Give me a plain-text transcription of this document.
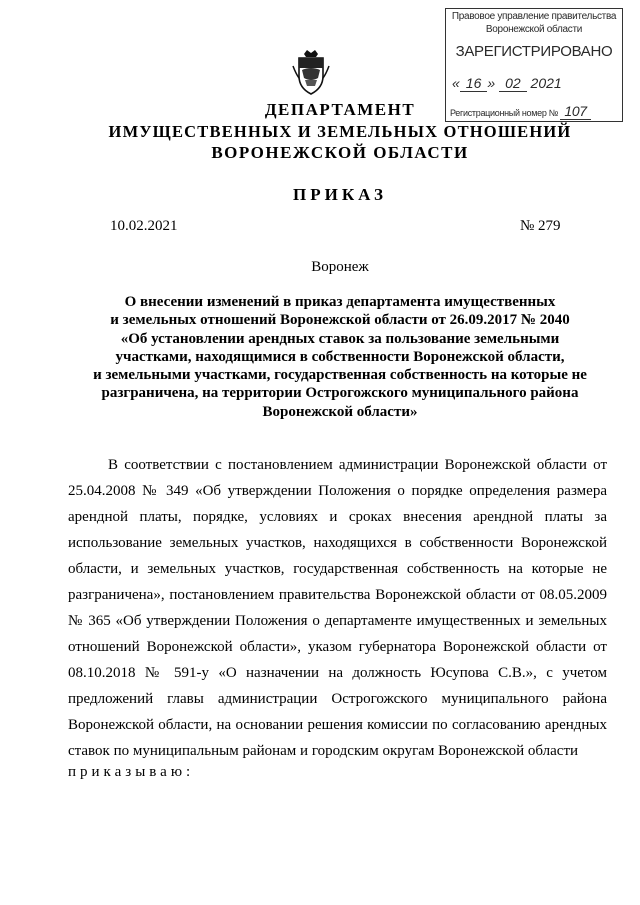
Правовое управление правительства
Воронежской области
ЗАРЕГИСТРИРОВАНО
« 16 » 02 2021
Регистрационный номер № 107
ДЕПАРТАМЕНТ
ИМУЩЕСТВЕННЫХ И ЗЕМЕЛЬНЫХ ОТНОШЕНИЙ
ВОРОНЕЖСКОЙ ОБЛАСТИ
ПРИКАЗ
10.02.2021	№ 279
Воронеж
О внесении изменений в приказ департамента имущественных
и земельных отношений Воронежской области от 26.09.2017 № 2040
«Об установлении арендных ставок за пользование земельными
участками, находящимися в собственности Воронежской области,
и земельными участками, государственная собственность на которые не
разграничена, на территории Острогожского муниципального района
Воронежской области»

В соответствии с постановлением администрации Воронежской области от 25.04.2008 № 349 «Об утверждении Положения о порядке определения размера арендной платы, порядке, условиях и сроках внесения арендной платы за использование земельных участков, находящихся в собственности Воронежской области, и земельных участков, государственная собственность на которые не разграничена», постановлением правительства Воронежской области от 08.05.2009 № 365 «Об утверждении Положения о департаменте имущественных и земельных отношений Воронежской области», указом губернатора Воронежской области от 08.10.2018 № 591-у «О назначении на должность Юсупова С.В.», с учетом предложений главы администрации Острогожского муниципального района Воронежской области, на основании решения комиссии по согласованию арендных ставок по муниципальным районам и городским округам Воронежской области

приказываю:
